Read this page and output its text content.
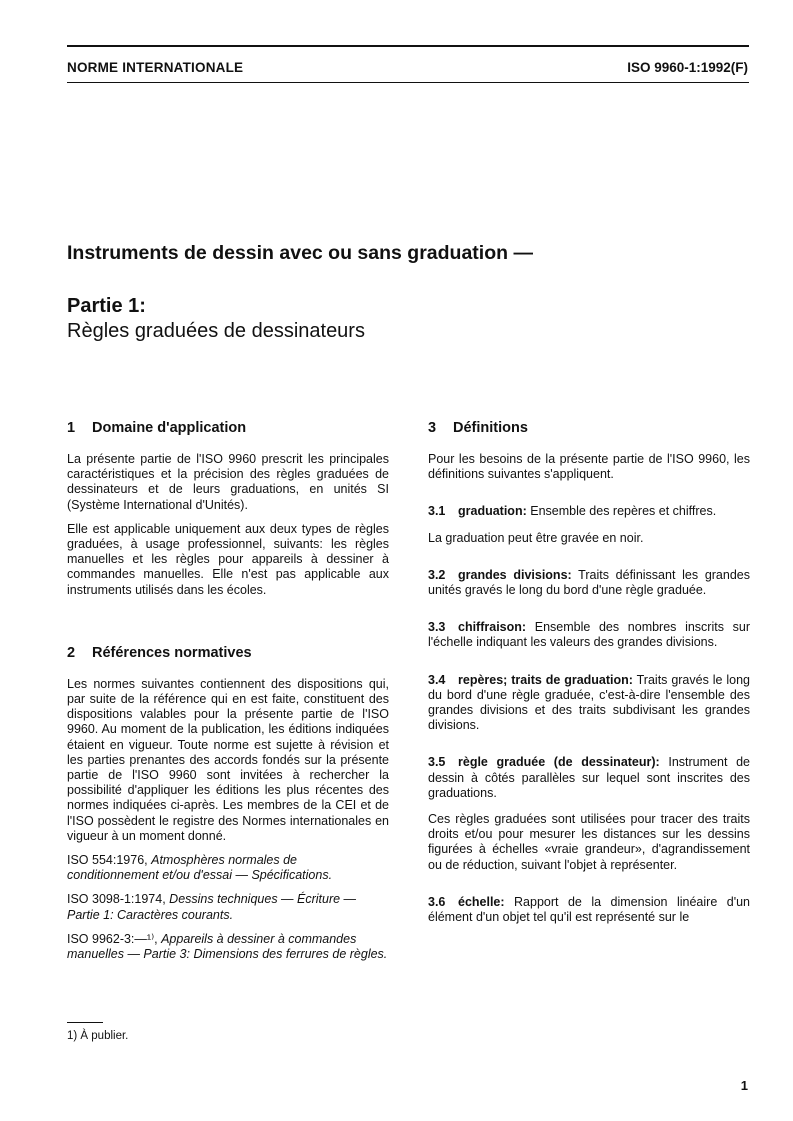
NORME INTERNATIONALE	ISO 9960-1:1992(F)
Instruments de dessin avec ou sans graduation —
Partie 1:
Règles graduées de dessinateurs
1 Domaine d'application

La présente partie de l'ISO 9960 prescrit les principales caractéristiques et la précision des règles graduées de dessinateurs et de leurs graduations, en unités SI (Système International d'Unités).

Elle est applicable uniquement aux deux types de règles graduées, à usage professionnel, suivants: les règles manuelles et les règles pour appareils à dessiner à commandes manuelles. Elle n'est pas applicable aux instruments utilisés dans les écoles.

2 Références normatives

Les normes suivantes contiennent des dispositions qui, par suite de la référence qui en est faite, constituent des dispositions valables pour la présente partie de l'ISO 9960. Au moment de la publication, les éditions indiquées étaient en vigueur. Toute norme est sujette à révision et les parties prenantes des accords fondés sur la présente partie de l'ISO 9960 sont invitées à rechercher la possibilité d'appliquer les éditions les plus récentes des normes indiquées ci-après. Les membres de la CEI et de l'ISO possèdent le registre des Normes internationales en vigueur à un moment donné.

ISO 554:1976, Atmosphères normales de conditionnement et/ou d'essai — Spécifications.

ISO 3098-1:1974, Dessins techniques — Écriture — Partie 1: Caractères courants.

ISO 9962-3:—¹⁾, Appareils à dessiner à commandes manuelles — Partie 3: Dimensions des ferrures de règles.

3 Définitions

Pour les besoins de la présente partie de l'ISO 9960, les définitions suivantes s'appliquent.

3.1 graduation: Ensemble des repères et chiffres.

La graduation peut être gravée en noir.

3.2 grandes divisions: Traits définissant les grandes unités gravés le long du bord d'une règle graduée.

3.3 chiffraison: Ensemble des nombres inscrits sur l'échelle indiquant les valeurs des grandes divisions.

3.4 repères; traits de graduation: Traits gravés le long du bord d'une règle graduée, c'est-à-dire l'ensemble des grandes divisions et des traits subdivisant les grandes divisions.

3.5 règle graduée (de dessinateur): Instrument de dessin à côtés parallèles sur lequel sont inscrites des graduations.

Ces règles graduées sont utilisées pour tracer des traits droits et/ou pour mesurer les distances sur les dessins figurées à échelles «vraie grandeur», d'agrandissement ou de réduction, suivant l'objet à représenter.

3.6 échelle: Rapport de la dimension linéaire d'un élément d'un objet tel qu'il est représenté sur le

1) À publier.
1
